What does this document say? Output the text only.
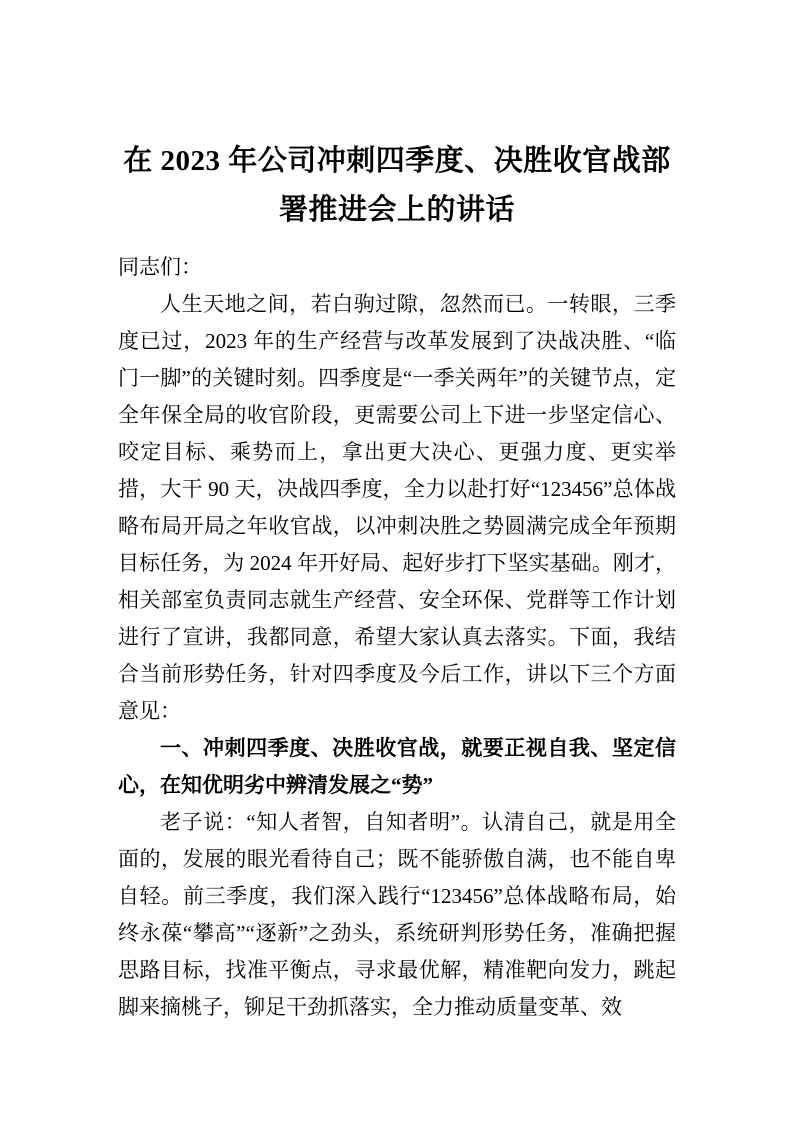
在 2023 年公司冲刺四季度、决胜收官战部署推进会上的讲话

同志们：

人生天地之间，若白驹过隙，忽然而已。一转眼，三季度已过，2023 年的生产经营与改革发展到了决战决胜、“临门一脚”的关键时刻。四季度是“一季关两年”的关键节点，定全年保全局的收官阶段，更需要公司上下进一步坚定信心、咬定目标、乘势而上，拿出更大决心、更强力度、更实举措，大干 90 天，决战四季度，全力以赴打好“123456”总体战略布局开局之年收官战，以冲刺决胜之势圆满完成全年预期目标任务，为 2024 年开好局、起好步打下坚实基础。刚才，相关部室负责同志就生产经营、安全环保、党群等工作计划进行了宣讲，我都同意，希望大家认真去落实。下面，我结合当前形势任务，针对四季度及今后工作，讲以下三个方面意见：

一、冲刺四季度、决胜收官战，就要正视自我、坚定信心，在知优明劣中辨清发展之“势”

老子说：“知人者智，自知者明”。认清自己，就是用全面的，发展的眼光看待自己；既不能骄傲自满，也不能自卑自轻。前三季度，我们深入践行“123456”总体战略布局，始终永葆“攀高”“逐新”之劲头，系统研判形势任务，准确把握思路目标，找准平衡点，寻求最优解，精准靶向发力，跳起脚来摘桃子，铆足干劲抓落实，全力推动质量变革、效
